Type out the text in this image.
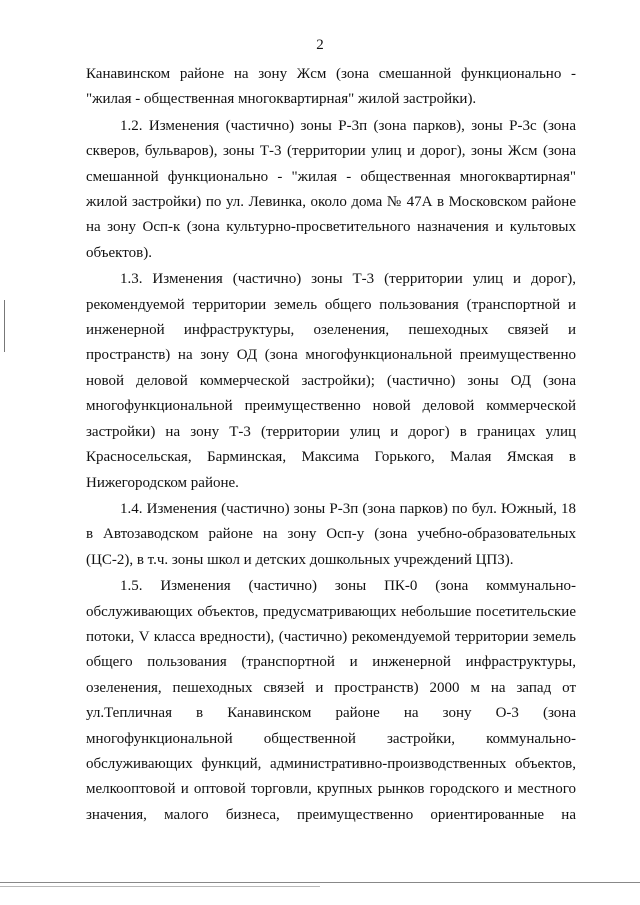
2

Канавинском районе на зону Жсм (зона смешанной функционально - "жилая - общественная многоквартирная" жилой застройки).

1.2. Изменения (частично) зоны Р-3п (зона парков), зоны Р-3с (зона скверов, бульваров), зоны Т-3 (территории улиц и дорог), зоны Жсм (зона смешанной функционально - "жилая - общественная многоквартирная" жилой застройки) по ул. Левинка, около дома № 47А в Московском районе на зону Осп-к (зона культурно-просветительного назначения и культовых объектов).

1.3. Изменения (частично) зоны Т-3 (территории улиц и дорог), рекомендуемой территории земель общего пользования (транспортной и инженерной инфраструктуры, озеленения, пешеходных связей и пространств) на зону ОД (зона многофункциональной преимущественно новой деловой коммерческой застройки); (частично) зоны ОД (зона многофункциональной преимущественно новой деловой коммерческой застройки) на зону Т-3 (территории улиц и дорог) в границах улиц Красносельская, Барминская, Максима Горького, Малая Ямская в Нижегородском районе.

1.4. Изменения (частично) зоны Р-3п (зона парков) по бул. Южный, 18 в Автозаводском районе на зону Осп-у (зона учебно-образовательных (ЦС-2), в т.ч. зоны школ и детских дошкольных учреждений ЦПЗ).

1.5. Изменения (частично) зоны ПК-0 (зона коммунально-обслуживающих объектов, предусматривающих небольшие посетительские потоки, V класса вредности), (частично) рекомендуемой территории земель общего пользования (транспортной и инженерной инфраструктуры, озеленения, пешеходных связей и пространств) 2000 м на запад от ул.Тепличная в Канавинском районе на зону О-3 (зона многофункциональной общественной застройки, коммунально-обслуживающих функций, административно-производственных объектов, мелкооптовой и оптовой торговли, крупных рынков городского и местного значения, малого бизнеса, преимущественно ориентированные на
